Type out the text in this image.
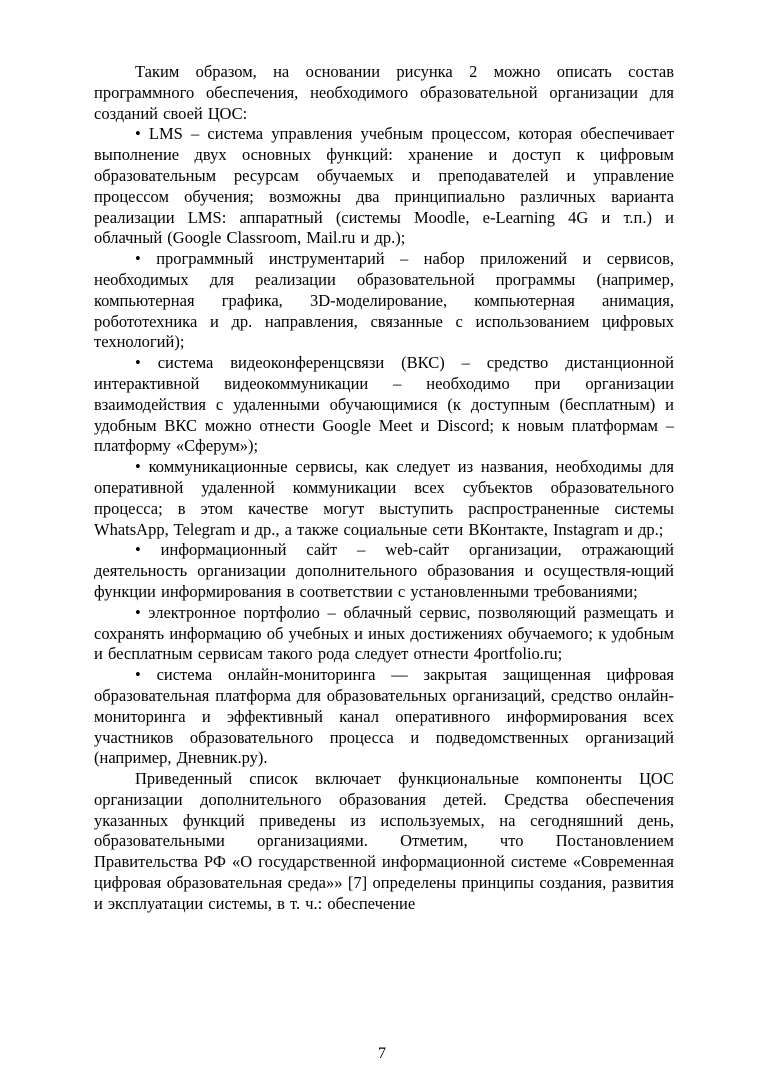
Таким образом, на основании рисунка 2 можно описать состав программного обеспечения, необходимого образовательной организации для созданий своей ЦОС:

• LMS – система управления учебным процессом, которая обеспечивает выполнение двух основных функций: хранение и доступ к цифровым образовательным ресурсам обучаемых и преподавателей и управление процессом обучения; возможны два принципиально различных варианта реализации LMS: аппаратный (системы Moodle, e-Learning 4G и т.п.) и облачный (Google Classroom, Mail.ru и др.);

• программный инструментарий – набор приложений и сервисов, необходимых для реализации образовательной программы (например, компьютерная графика, 3D-моделирование, компьютерная анимация, робототехника и др. направления, связанные с использованием цифровых технологий);

• система видеоконференцсвязи (ВКС) – средство дистанционной интерактивной видеокоммуникации – необходимо при организации взаимодействия с удаленными обучающимися (к доступным (бесплатным) и удобным ВКС можно отнести Google Meet и Discord; к новым платформам – платформу «Сферум»);

• коммуникационные сервисы, как следует из названия, необходимы для оперативной удаленной коммуникации всех субъектов образовательного процесса; в этом качестве могут выступить распространенные системы WhatsApp, Telegram и др., а также социальные сети ВКонтакте, Instagram и др.;

• информационный сайт – web-сайт организации, отражающий деятельность организации дополнительного образования и осуществля-ющий функции информирования в соответствии с установленными требованиями;

• электронное портфолио – облачный сервис, позволяющий размещать и сохранять информацию об учебных и иных достижениях обучаемого; к удобным и бесплатным сервисам такого рода следует отнести 4portfolio.ru;

• система онлайн-мониторинга — закрытая защищенная цифровая образовательная платформа для образовательных организаций, средство онлайн-мониторинга и эффективный канал оперативного информирования всех участников образовательного процесса и подведомственных организаций (например, Дневник.ру).

Приведенный список включает функциональные компоненты ЦОС организации дополнительного образования детей. Средства обеспечения указанных функций приведены из используемых, на сегодняшний день, образовательными организациями. Отметим, что Постановлением Правительства РФ «О государственной информационной системе «Современная цифровая образовательная среда»» [7] определены принципы создания, развития и эксплуатации системы, в т. ч.: обеспечение

7
